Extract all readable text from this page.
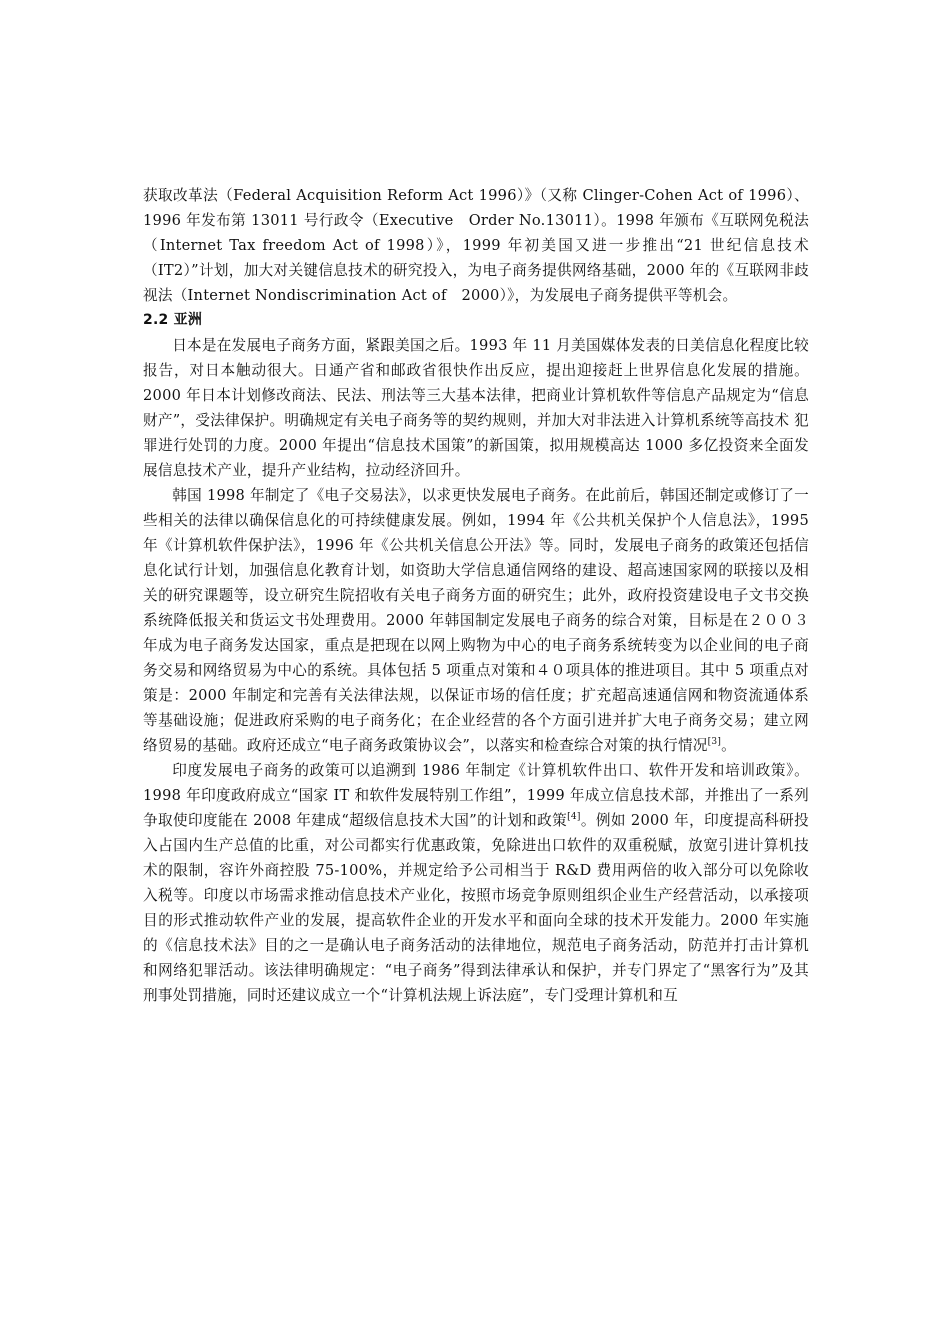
获取改革法（Federal Acquisition Reform Act 1996）》（又称 Clinger-Cohen Act of 1996）、1996 年发布第 13011 号行政令（Executive　Order No.13011）。1998 年颁布《互联网免税法（Internet Tax freedom Act of 1998）》，1999 年初美国又进一步推出“21 世纪信息技术（IT2）”计划，加大对关键信息技术的研究投入，为电子商务提供网络基础，2000 年的《互联网非歧视法（Internet Nondiscrimination Act of　2000）》，为发展电子商务提供平等机会。

2.2 亚洲

日本是在发展电子商务方面，紧跟美国之后。1993 年 11 月美国媒体发表的日美信息化程度比较报告，对日本触动很大。日通产省和邮政省很快作出反应，提出迎接赶上世界信息化发展的措施。2000 年日本计划修改商法、民法、刑法等三大基本法律，把商业计算机软件等信息产品规定为“信息财产”，受法律保护。明确规定有关电子商务等的契约规则，并加大对非法进入计算机系统等高技术 犯罪进行处罚的力度。2000 年提出“信息技术国策”的新国策，拟用规模高达 1000 多亿投资来全面发展信息技术产业，提升产业结构，拉动经济回升。

韩国 1998 年制定了《电子交易法》，以求更快发展电子商务。在此前后，韩国还制定或修订了一些相关的法律以确保信息化的可持续健康发展。例如，1994 年《公共机关保护个人信息法》，1995 年《计算机软件保护法》，1996 年《公共机关信息公开法》等。同时，发展电子商务的政策还包括信息化试行计划，加强信息化教育计划，如资助大学信息通信网络的建设、超高速国家网的联接以及相关的研究课题等，设立研究生院招收有关电子商务方面的研究生；此外，政府投资建设电子文书交换系统降低报关和货运文书处理费用。2000 年韩国制定发展电子商务的综合对策，目标是在２００３年成为电子商务发达国家，重点是把现在以网上购物为中心的电子商务系统转变为以企业间的电子商务交易和网络贸易为中心的系统。具体包括 5 项重点对策和４０项具体的推进项目。其中 5 项重点对策是：2000 年制定和完善有关法律法规，以保证市场的信任度；扩充超高速通信网和物资流通体系等基础设施；促进政府采购的电子商务化；在企业经营的各个方面引进并扩大电子商务交易；建立网络贸易的基础。政府还成立“电子商务政策协议会”，以落实和检查综合对策的执行情况[3]。

印度发展电子商务的政策可以追溯到 1986 年制定《计算机软件出口、软件开发和培训政策》。1998 年印度政府成立“国家 IT 和软件发展特别工作组”，1999 年成立信息技术部，并推出了一系列争取使印度能在 2008 年建成“超级信息技术大国”的计划和政策[4]。例如 2000 年，印度提高科研投入占国内生产总值的比重，对公司都实行优惠政策，免除进出口软件的双重税赋，放宽引进计算机技术的限制，容许外商控股 75-100%，并规定给予公司相当于 R&D 费用两倍的收入部分可以免除收入税等。印度以市场需求推动信息技术产业化，按照市场竞争原则组织企业生产经营活动，以承接项目的形式推动软件产业的发展，提高软件企业的开发水平和面向全球的技术开发能力。2000 年实施的《信息技术法》目的之一是确认电子商务活动的法律地位，规范电子商务活动，防范并打击计算机和网络犯罪活动。该法律明确规定：“电子商务”得到法律承认和保护，并专门界定了“黑客行为”及其刑事处罚措施，同时还建议成立一个“计算机法规上诉法庭”，专门受理计算机和互
